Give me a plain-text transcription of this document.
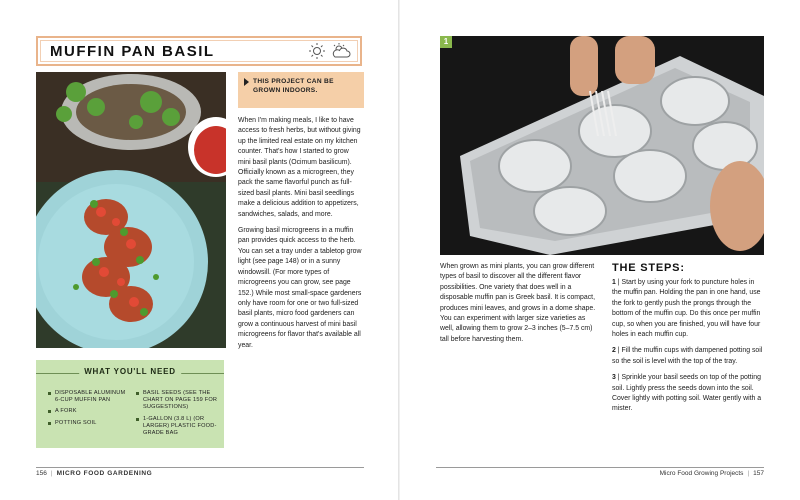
MUFFIN PAN BASIL
THIS PROJECT CAN BE GROWN INDOORS.

When I'm making meals, I like to have access to fresh herbs, but without giving up the limited real estate on my kitchen counter. That's how I started to grow mini basil plants (Ocimum basilicum). Officially known as a microgreen, they pack the same flavorful punch as full-sized basil plants. Mini basil seedlings make a delicious addition to appetizers, sandwiches, salads, and more.

Growing basil microgreens in a muffin pan provides quick access to the herb. You can set a tray under a tabletop grow light (see page 148) or in a sunny windowsill. (For more types of microgreens you can grow, see page 152.) While most small-space gardeners only have room for one or two full-sized basil plants, micro food gardeners can grow a continuous harvest of mini basil microgreens for flavor that's available all year.

DISPOSABLE ALUMINUM 6-CUP MUFFIN PAN
A FORK
POTTING SOIL
BASIL SEEDS (SEE THE CHART ON PAGE 159 FOR SUGGESTIONS)
1-GALLON (3.8 L) (OR LARGER) PLASTIC FOOD-GRADE BAG
WHAT YOU'LL NEED
156 | MICRO FOOD GARDENING
1

When grown as mini plants, you can grow different types of basil to discover all the different flavor possibilities. One variety that does well in a disposable muffin pan is Greek basil. It is compact, produces mini leaves, and grows in a dome shape. You can experiment with larger size varieties as well, allowing them to grow 2–3 inches (5–7.5 cm) tall before harvesting them.

THE STEPS:
1 | Start by using your fork to puncture holes in the muffin pan. Holding the pan in one hand, use the fork to gently push the prongs through the bottom of the muffin cup. Do this once per muffin cup, so when you are finished, you will have four holes in each muffin cup.
2 | Fill the muffin cups with dampened potting soil so the soil is level with the top of the tray.
3 | Sprinkle your basil seeds on top of the potting soil. Lightly press the seeds down into the soil. Cover lightly with potting soil. Water gently with a mister.
Micro Food Growing Projects | 157
